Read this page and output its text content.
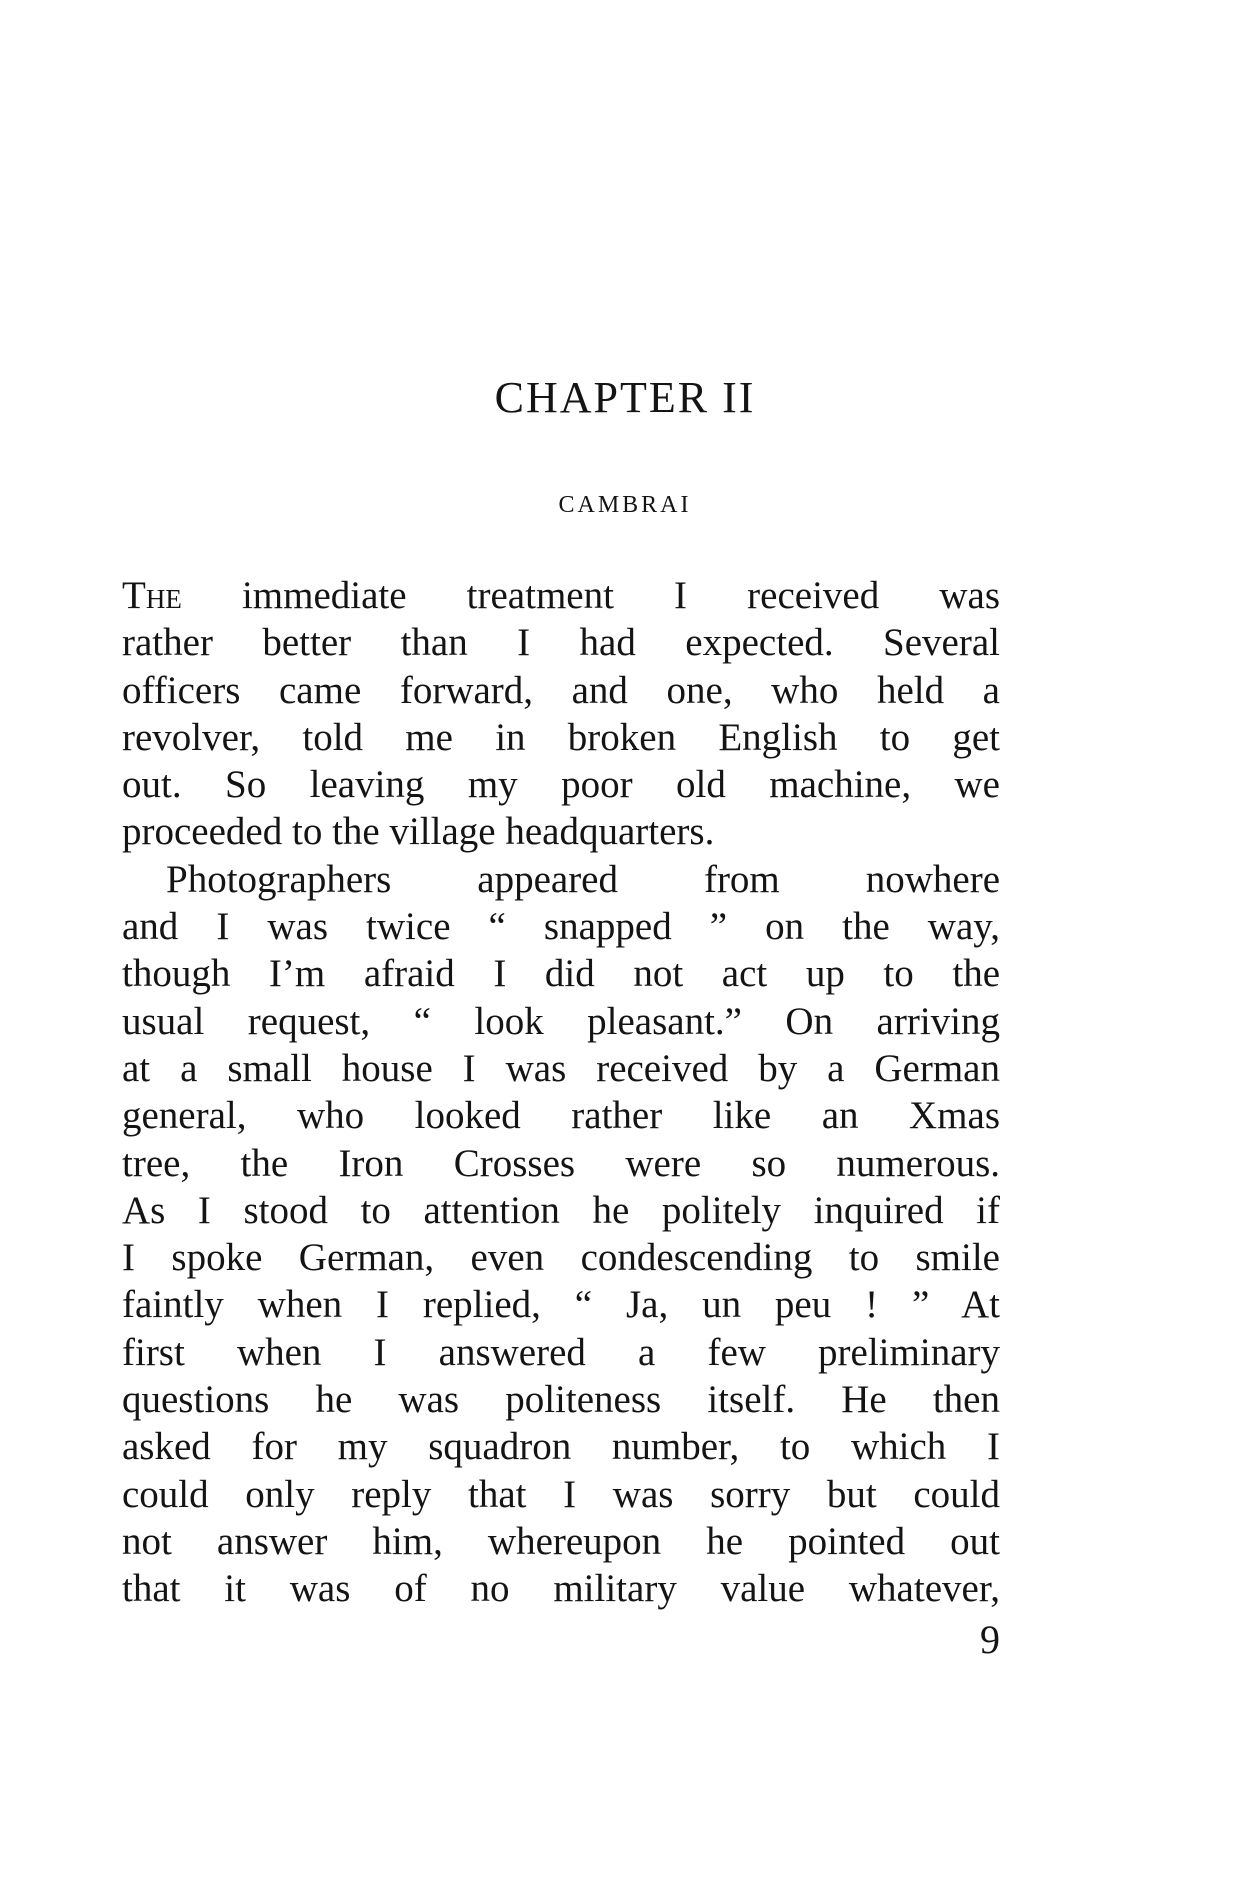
CHAPTER II
CAMBRAI
The immediate treatment I received was
rather better than I had expected. Several
officers came forward, and one, who held a
revolver, told me in broken English to get
out. So leaving my poor old machine, we
proceeded to the village headquarters.
Photographers appeared from nowhere
and I was twice “ snapped ” on the way,
though I’m afraid I did not act up to the
usual request, “ look pleasant.” On arriving
at a small house I was received by a German
general, who looked rather like an Xmas
tree, the Iron Crosses were so numerous.
As I stood to attention he politely inquired if
I spoke German, even condescending to smile
faintly when I replied, “ Ja, un peu ! ” At
first when I answered a few preliminary
questions he was politeness itself. He then
asked for my squadron number, to which I
could only reply that I was sorry but could
not answer him, whereupon he pointed out
that it was of no military value whatever,
9
